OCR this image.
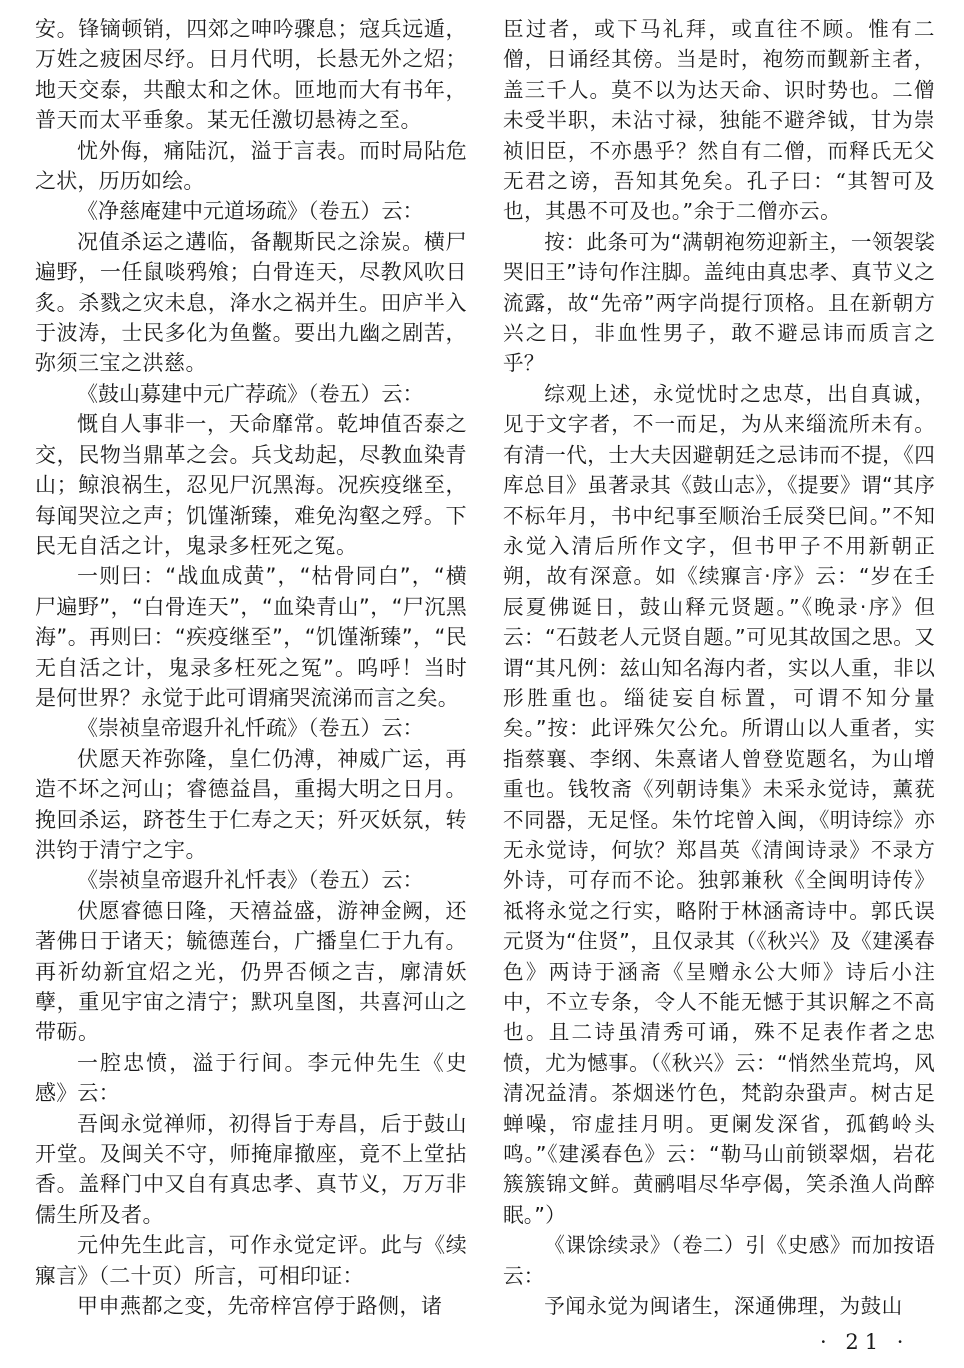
安。锋镝顿销，四郊之呻吟骤息；寇兵远遁，万姓之疲困尽纾。日月代明，长悬无外之炤；地天交泰，共酿太和之休。匝地而大有书年，普天而太平垂象。某无任激切悬祷之至。

忧外侮，痛陆沉，溢于言表。而时局阽危之状，历历如绘。

《净慈庵建中元道场疏》（卷五）云：

况值杀运之遘临，备觏斯民之涂炭。横尸遍野，一任鼠啖鸦飧；白骨连天，尽教风吹日炙。杀戮之灾未息，洚水之祸并生。田庐半入于波涛，士民多化为鱼鳖。要出九幽之剧苦，弥须三宝之洪慈。

《鼓山募建中元广荐疏》（卷五）云：

慨自人事非一，天命靡常。乾坤值否泰之交，民物当鼎革之会。兵戈劫起，尽教血染青山；鲸浪祸生，忍见尸沉黑海。况疾疫继至，每闻哭泣之声；饥馑渐臻，难免沟壑之殍。下民无自活之计，鬼录多枉死之冤。

一则曰：“战血成黄”，“枯骨同白”，“横尸遍野”，“白骨连天”，“血染青山”，“尸沉黑海”。再则曰：“疾疫继至”，“饥馑渐臻”，“民无自活之计，鬼录多枉死之冤”。呜呼！当时是何世界？永觉于此可谓痛哭流涕而言之矣。

《崇祯皇帝遐升礼忏疏》（卷五）云：

伏愿天祚弥隆，皇仁仍溥，神威广运，再造不坏之河山；睿德益昌，重揭大明之日月。挽回杀运，跻苍生于仁寿之天；歼灭妖氛，转洪钧于清宁之宇。

《崇祯皇帝遐升礼忏表》（卷五）云：

伏愿睿德日隆，天禧益盛，游神金阙，还著佛日于诸天；毓德莲台，广播皇仁于九有。再祈幼新宜炤之光，仍畀否倾之吉，廓清妖孽，重见宇宙之清宁；默巩皇图，共喜河山之带砺。

一腔忠愤，溢于行间。李元仲先生《史感》云：

吾闽永觉禅师，初得旨于寿昌，后于鼓山开堂。及闽关不守，师掩扉撤座，竟不上堂拈香。盖释门中又自有真忠孝、真节义，万万非儒生所及者。

元仲先生此言，可作永觉定评。此与《续寱言》（二十页）所言，可相印证：

甲申燕都之变，先帝梓宫停于路侧，诸

臣过者，或下马礼拜，或直往不顾。惟有二僧，日诵经其傍。当是时，袍笏而觐新主者，盖三千人。莫不以为达天命、识时势也。二僧未受半职，未沾寸禄，独能不避斧钺，甘为崇祯旧臣，不亦愚乎？然自有二僧，而释氏无父无君之谤，吾知其免矣。孔子曰：“其智可及也，其愚不可及也。”余于二僧亦云。

按：此条可为“满朝袍笏迎新主，一领袈裟哭旧王”诗句作注脚。盖纯由真忠孝、真节义之流露，故“先帝”两字尚提行顶格。且在新朝方兴之日，非血性男子，敢不避忌讳而质言之乎？

综观上述，永觉忧时之忠荩，出自真诚，见于文字者，不一而足，为从来缁流所未有。有清一代，士大夫因避朝廷之忌讳而不提，《四库总目》虽著录其《鼓山志》，《提要》谓“其序不标年月，书中纪事至顺治壬辰癸巳间。”不知永觉入清后所作文字，但书甲子不用新朝正朔，故有深意。如《续寱言·序》云：“岁在壬辰夏佛诞日，鼓山释元贤题。”《晚录·序》但云：“石鼓老人元贤自题。”可见其故国之思。又谓“其凡例：兹山知名海内者，实以人重，非以形胜重也。缁徒妄自标置，可谓不知分量矣。”按：此评殊欠公允。所谓山以人重者，实指蔡襄、李纲、朱熹诸人曾登览题名，为山增重也。钱牧斋《列朝诗集》未采永觉诗，薰莸不同器，无足怪。朱竹垞曾入闽，《明诗综》亦无永觉诗，何欤？郑昌英《清闽诗录》不录方外诗，可存而不论。独郭兼秋《全闽明诗传》祗将永觉之行实，略附于林涵斋诗中。郭氏误元贤为“住贤”，且仅录其（《秋兴》及《建溪春色》两诗于涵斋《呈赠永公大师》诗后小注中，不立专条，令人不能无憾于其识解之不高也。且二诗虽清秀可诵，殊不足表作者之忠愤，尤为憾事。（《秋兴》云：“悄然坐荒坞，风清况益清。茶烟迷竹色，梵韵杂蛩声。树古足蝉噪，帘虚挂月明。更阑发深省，孤鹤岭头鸣。”《建溪春色》云：“勒马山前锁翠烟，岩花簇簇锦文鲜。黄鹂唱尽华亭偈，笑杀渔人尚醉眠。”）

《课馀续录》（卷二）引《史感》而加按语云：

予闻永觉为闽诸生，深通佛理，为鼓山

· 21 ·
